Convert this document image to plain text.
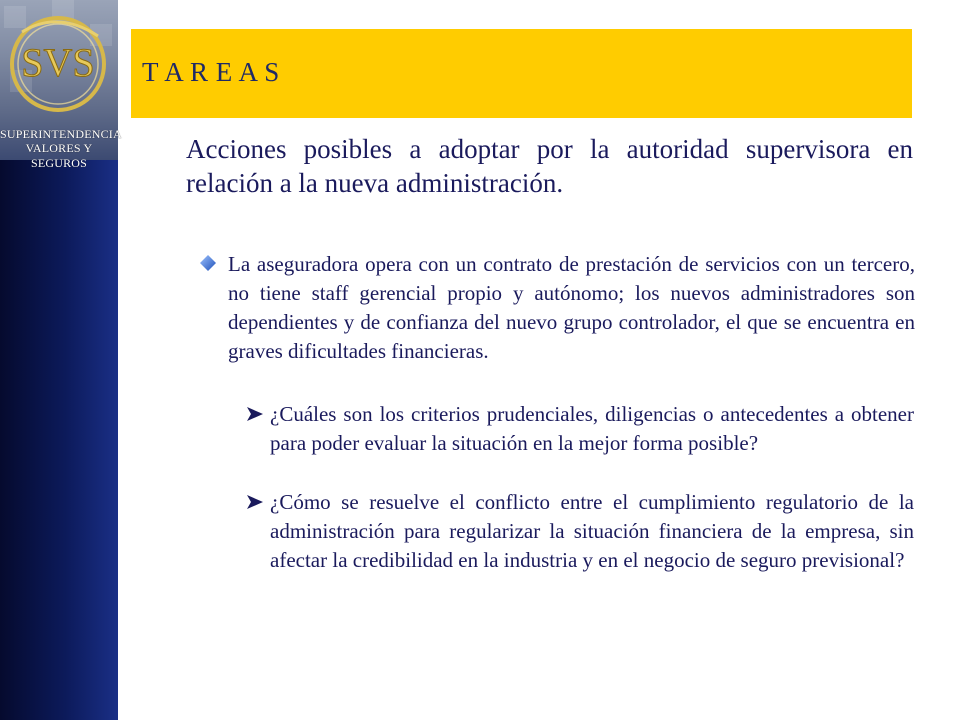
SVS
SUPERINTENDENCIA
VALORES Y SEGUROS
T A R E A S
Acciones posibles a adoptar por la autoridad supervisora en relación a la nueva administración.
La aseguradora opera con un contrato de prestación de servicios con un tercero, no tiene staff gerencial propio y autónomo; los nuevos administradores son dependientes y de confianza del nuevo grupo controlador, el que se encuentra en graves dificultades financieras.
¿Cuáles son los criterios prudenciales, diligencias o antecedentes a obtener para poder evaluar la situación en la mejor forma posible?
¿Cómo se resuelve el conflicto entre el cumplimiento regulatorio de la administración para regularizar la situación financiera de la empresa, sin afectar la credibilidad en la industria y en el negocio de seguro previsional?
